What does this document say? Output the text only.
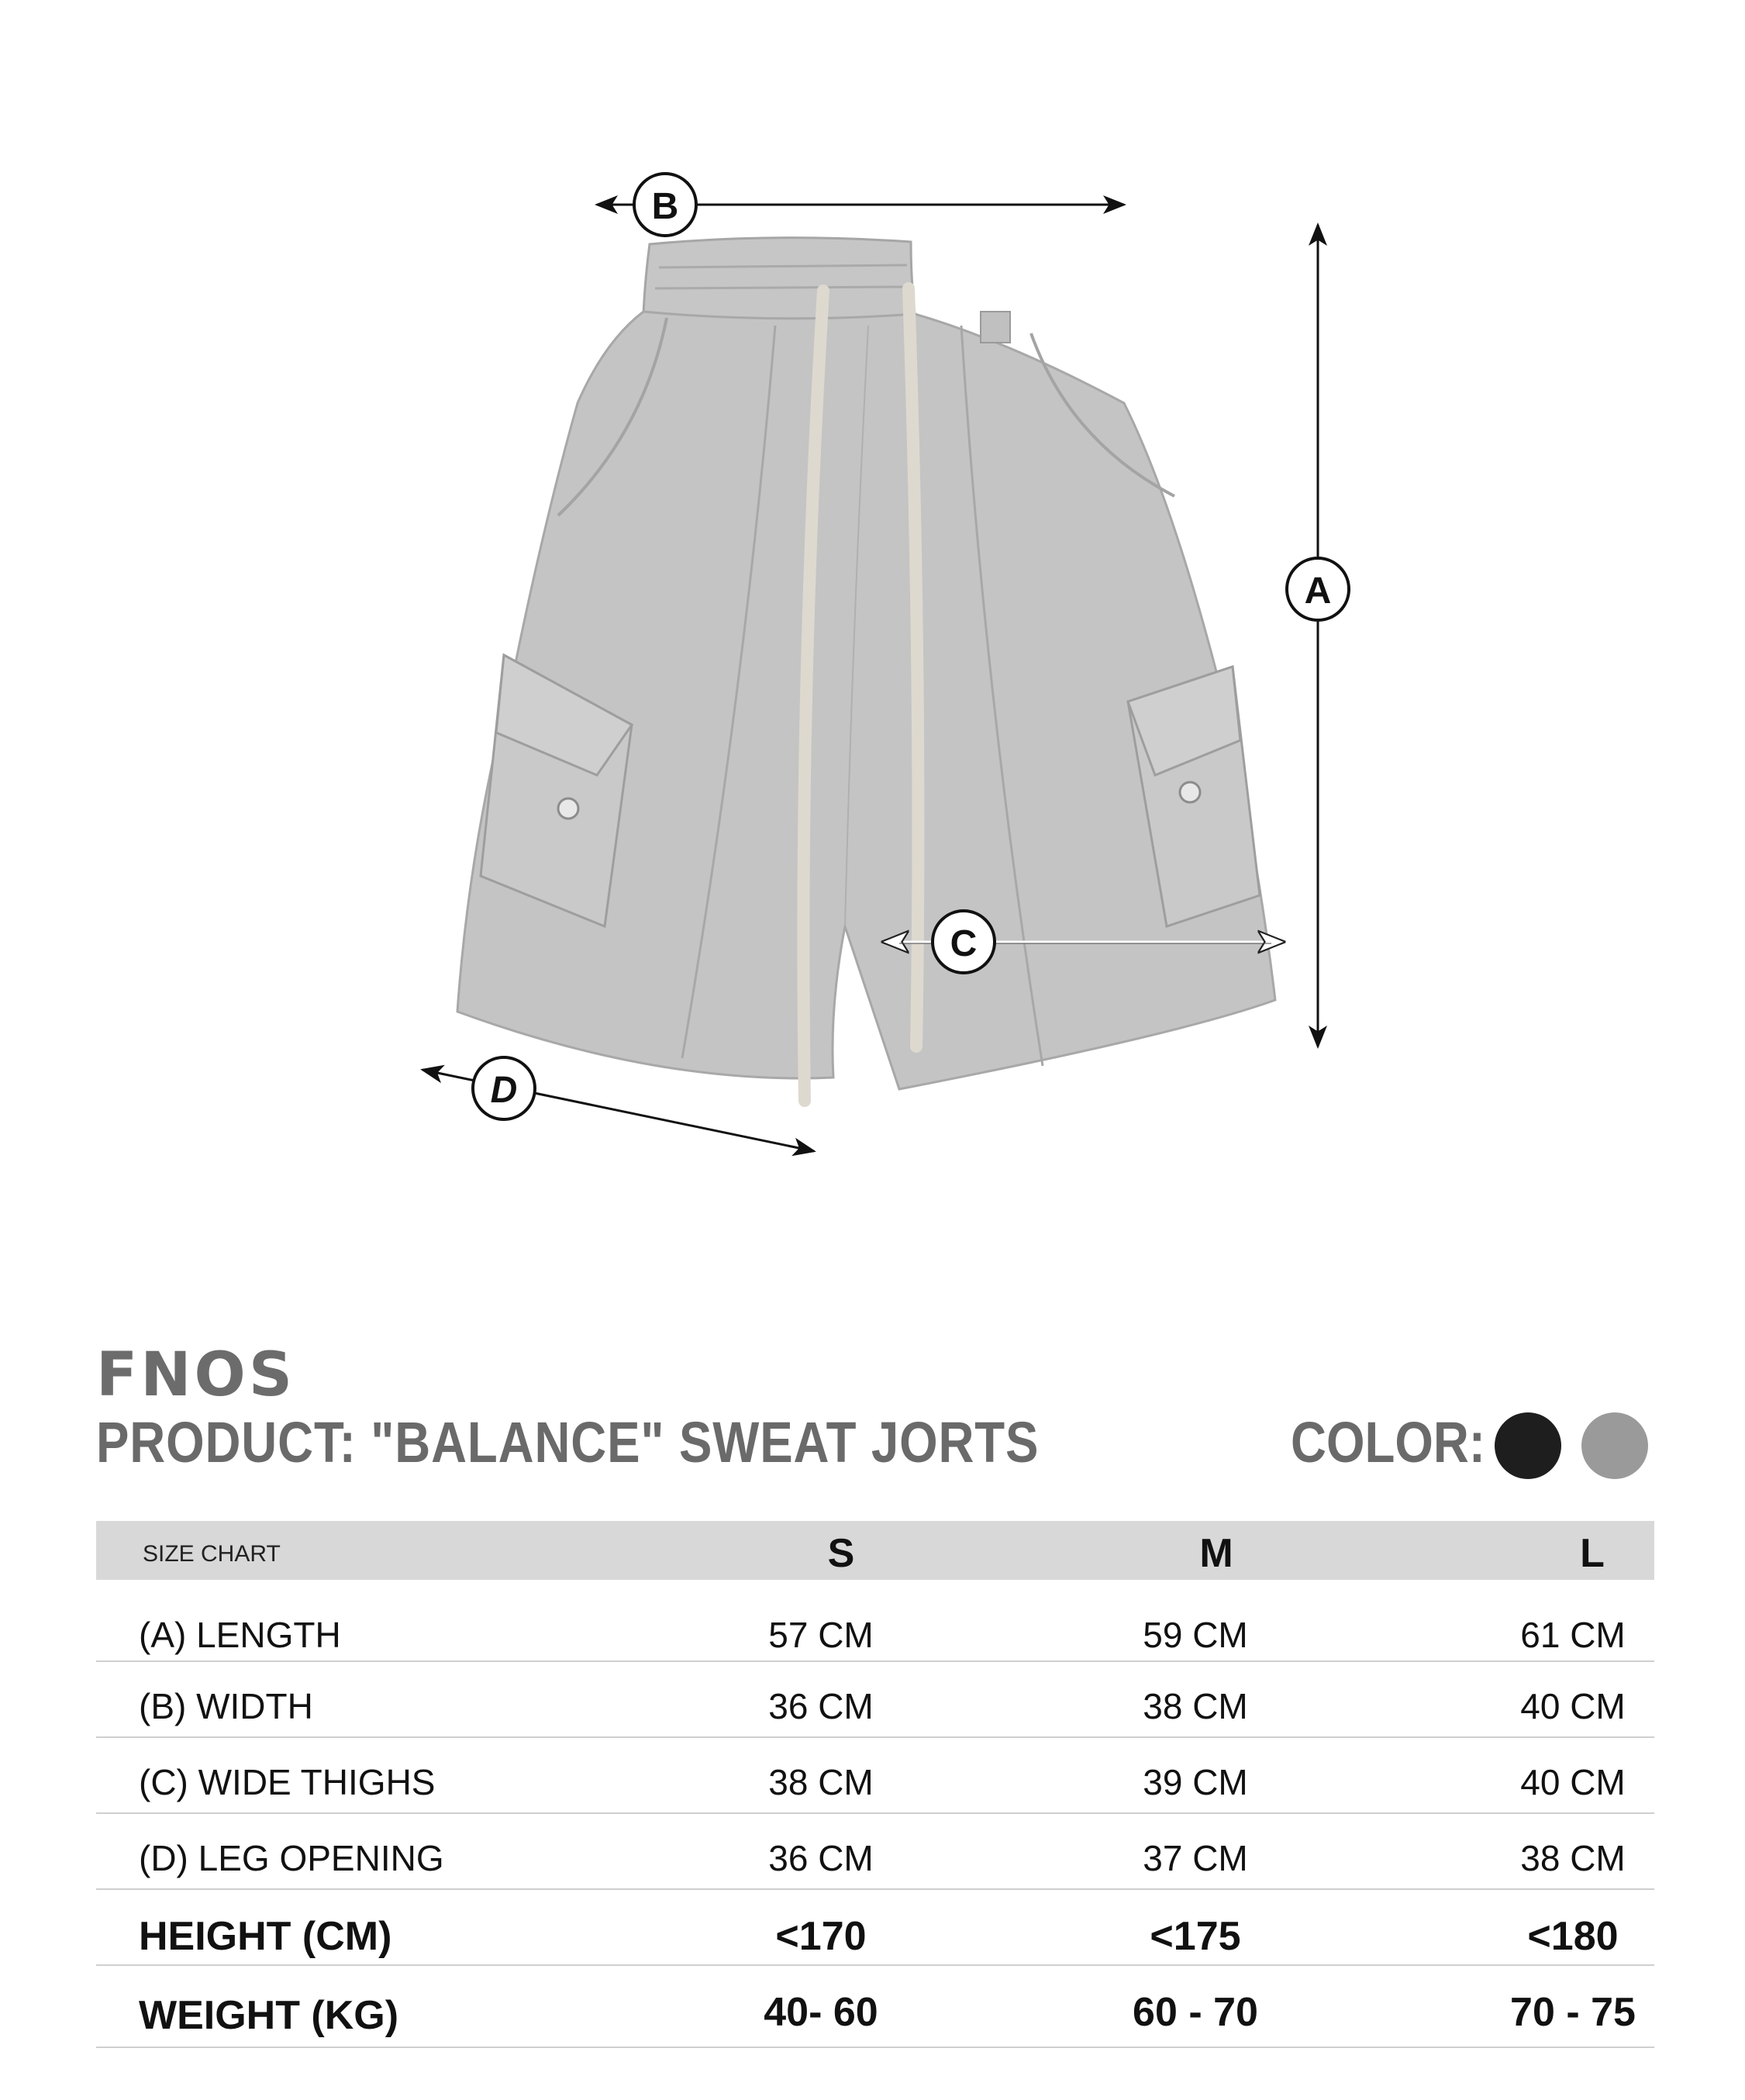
B
A
C
D
FNOS
PRODUCT: "BALANCE" SWEAT JORTS	COLOR:
SIZE CHART	S	M	L
(A) LENGTH	57 CM	59 CM	61 CM
(B) WIDTH	36 CM	38 CM	40 CM
(C) WIDE THIGHS	38 CM	39 CM	40 CM
(D) LEG OPENING	36 CM	37 CM	38 CM
HEIGHT (CM)	<170	<175	<180
WEIGHT (KG)	40- 60	60 - 70	70 - 75
